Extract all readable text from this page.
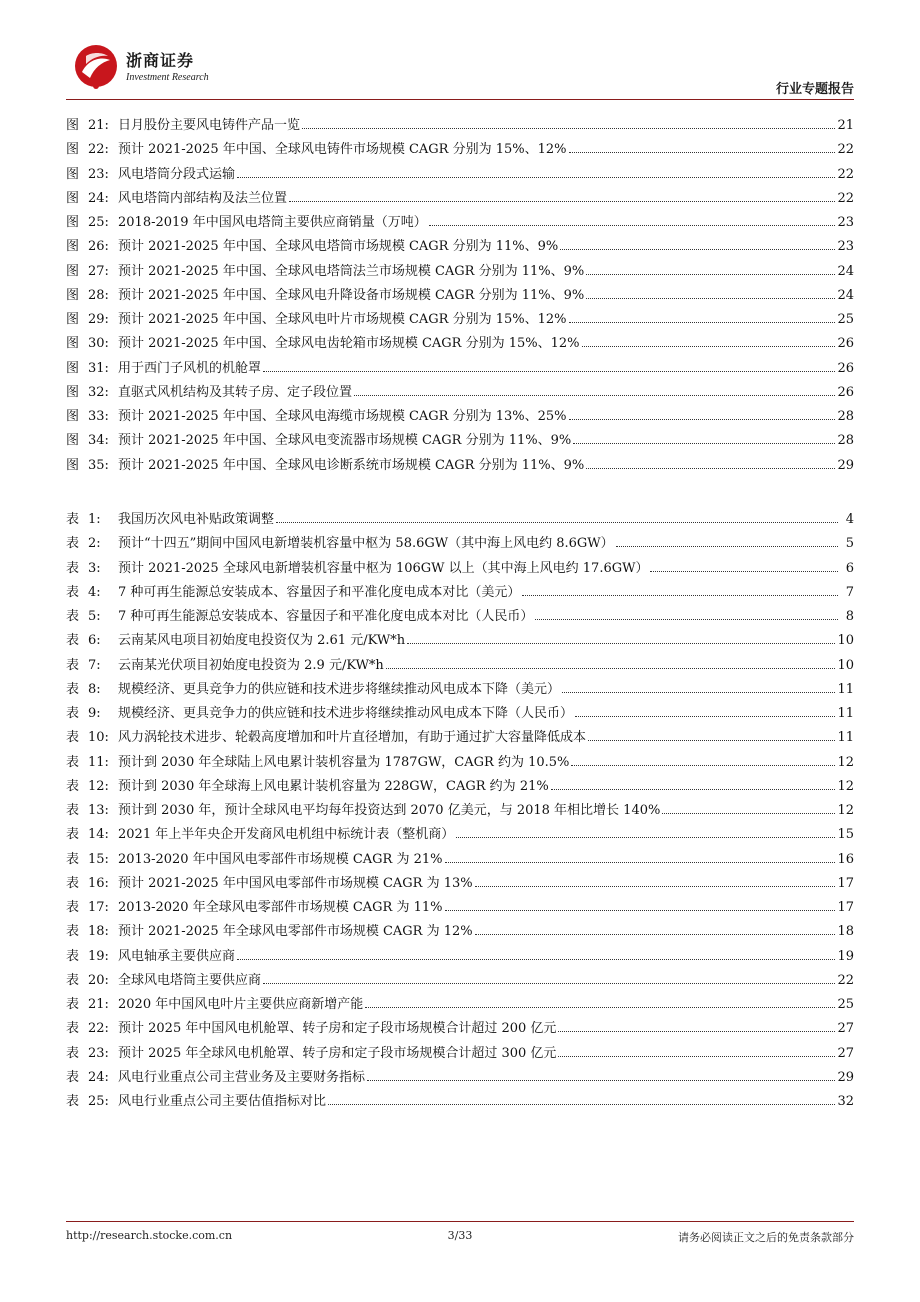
浙商证券
Investment Research
行业专题报告
图 21: 日月股份主要风电铸件产品一览	21
图 22: 预计 2021-2025 年中国、全球风电铸件市场规模 CAGR 分别为 15%、12%	22
图 23: 风电塔筒分段式运输	22
图 24: 风电塔筒内部结构及法兰位置	22
图 25: 2018-2019 年中国风电塔筒主要供应商销量（万吨）	23
图 26: 预计 2021-2025 年中国、全球风电塔筒市场规模 CAGR 分别为 11%、9%	23
图 27: 预计 2021-2025 年中国、全球风电塔筒法兰市场规模 CAGR 分别为 11%、9%	24
图 28: 预计 2021-2025 年中国、全球风电升降设备市场规模 CAGR 分别为 11%、9%	24
图 29: 预计 2021-2025 年中国、全球风电叶片市场规模 CAGR 分别为 15%、12%	25
图 30: 预计 2021-2025 年中国、全球风电齿轮箱市场规模 CAGR 分别为 15%、12%	26
图 31: 用于西门子风机的机舱罩	26
图 32: 直驱式风机结构及其转子房、定子段位置	26
图 33: 预计 2021-2025 年中国、全球风电海缆市场规模 CAGR 分别为 13%、25%	28
图 34: 预计 2021-2025 年中国、全球风电变流器市场规模 CAGR 分别为 11%、9%	28
图 35: 预计 2021-2025 年中国、全球风电诊断系统市场规模 CAGR 分别为 11%、9%	29
表 1:	我国历次风电补贴政策调整	4
表 2:	预计“十四五”期间中国风电新增装机容量中枢为 58.6GW（其中海上风电约 8.6GW）	5
表 3:	预计 2021-2025 全球风电新增装机容量中枢为 106GW 以上（其中海上风电约 17.6GW）	6
表 4:	7 种可再生能源总安装成本、容量因子和平准化度电成本对比（美元）	7
表 5:	7 种可再生能源总安装成本、容量因子和平准化度电成本对比（人民币）	8
表 6:	云南某风电项目初始度电投资仅为 2.61 元/KW*h	10
表 7:	云南某光伏项目初始度电投资为 2.9 元/KW*h	10
表 8:	规模经济、更具竞争力的供应链和技术进步将继续推动风电成本下降（美元）	11
表 9:	规模经济、更具竞争力的供应链和技术进步将继续推动风电成本下降（人民币）	11
表 10: 风力涡轮技术进步、轮毂高度增加和叶片直径增加，有助于通过扩大容量降低成本	11
表 11: 预计到 2030 年全球陆上风电累计装机容量为 1787GW，CAGR 约为 10.5%	12
表 12: 预计到 2030 年全球海上风电累计装机容量为 228GW，CAGR 约为 21%	12
表 13: 预计到 2030 年，预计全球风电平均每年投资达到 2070 亿美元，与 2018 年相比增长 140%	12
表 14: 2021 年上半年央企开发商风电机组中标统计表（整机商）	15
表 15: 2013-2020 年中国风电零部件市场规模 CAGR 为 21%	16
表 16: 预计 2021-2025 年中国风电零部件市场规模 CAGR 为 13%	17
表 17: 2013-2020 年全球风电零部件市场规模 CAGR 为 11%	17
表 18: 预计 2021-2025 年全球风电零部件市场规模 CAGR 为 12%	18
表 19: 风电轴承主要供应商	19
表 20: 全球风电塔筒主要供应商	22
表 21: 2020 年中国风电叶片主要供应商新增产能	25
表 22: 预计 2025 年中国风电机舱罩、转子房和定子段市场规模合计超过 200 亿元	27
表 23: 预计 2025 年全球风电机舱罩、转子房和定子段市场规模合计超过 300 亿元	27
表 24: 风电行业重点公司主营业务及主要财务指标	29
表 25: 风电行业重点公司主要估值指标对比	32
http://research.stocke.com.cn	3/33	请务必阅读正文之后的免责条款部分
